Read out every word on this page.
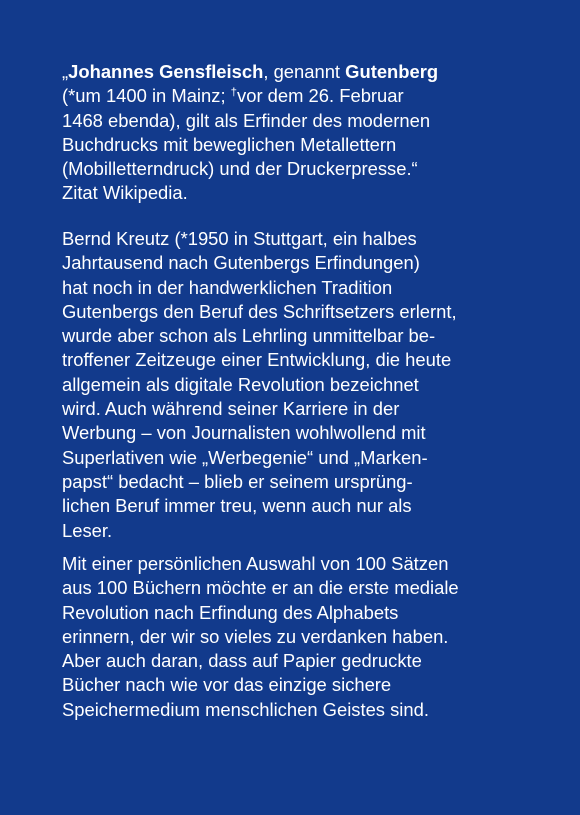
„Johannes Gensfleisch, genannt Gutenberg
(*um 1400 in Mainz; †vor dem 26. Februar
1468 ebenda), gilt als Erfinder des modernen
Buchdrucks mit beweglichen Metallettern
(Mobilletterndruck) und der Druckerpresse.“
Zitat Wikipedia.

Bernd Kreutz (*1950 in Stuttgart, ein halbes
Jahrtausend nach Gutenbergs Erfindungen)
hat noch in der handwerklichen Tradition
Gutenbergs den Beruf des Schriftsetzers erlernt,
wurde aber schon als Lehrling unmittelbar be-
troffener Zeitzeuge einer Entwicklung, die heute
allgemein als digitale Revolution bezeichnet
wird. Auch während seiner Karriere in der
Werbung – von Journalisten wohlwollend mit
Superlativen wie „Werbegenie“ und „Marken-
papst“ bedacht – blieb er seinem ursprüng-
lichen Beruf immer treu, wenn auch nur als
Leser.

Mit einer persönlichen Auswahl von 100 Sätzen
aus 100 Büchern möchte er an die erste mediale
Revolution nach Erfindung des Alphabets
erinnern, der wir so vieles zu verdanken haben.
Aber auch daran, dass auf Papier gedruckte
Bücher nach wie vor das einzige sichere
Speichermedium menschlichen Geistes sind.
